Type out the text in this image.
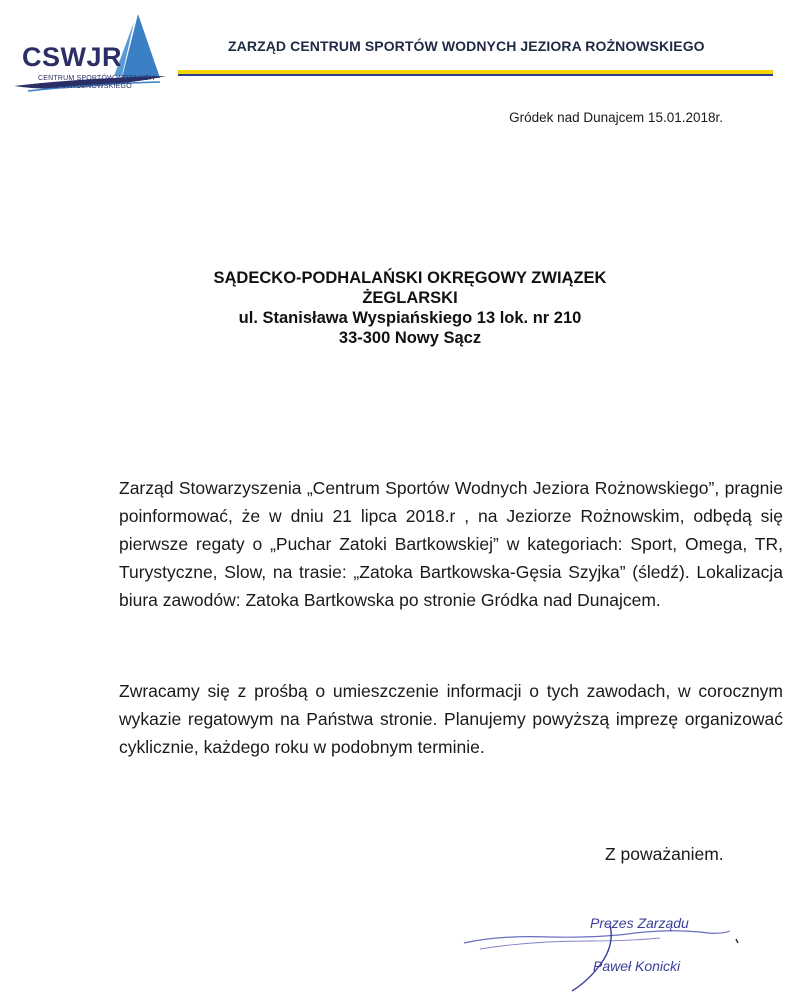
CSWJR
CENTRUM SPORTÓW WODNYCH
JEZIORA ROŻNOWSKIEGO
ZARZĄD CENTRUM SPORTÓW WODNYCH JEZIORA ROŻNOWSKIEGO
Gródek nad Dunajcem 15.01.2018r.
SĄDECKO-PODHALAŃSKI OKRĘGOWY ZWIĄZEK
ŻEGLARSKI
ul. Stanisława Wyspiańskiego 13 lok. nr 210
33-300 Nowy Sącz

Zarząd Stowarzyszenia „Centrum Sportów Wodnych Jeziora Rożnowskiego”, pragnie poinformować, że w dniu 21 lipca 2018.r , na Jeziorze Rożnowskim, odbędą się pierwsze regaty o „Puchar Zatoki Bartkowskiej” w kategoriach: Sport, Omega, TR, Turystyczne, Slow, na trasie: „Zatoka Bartkowska-Gęsia Szyjka” (śledź). Lokalizacja biura zawodów: Zatoka Bartkowska po stronie Gródka nad Dunajcem.

Zwracamy się z prośbą o umieszczenie informacji o tych zawodach, w corocznym wykazie regatowym na Państwa stronie. Planujemy powyższą imprezę organizować cyklicznie, każdego roku w podobnym terminie.

Z poważaniem.
Prezes Zarządu
Paweł Konicki
